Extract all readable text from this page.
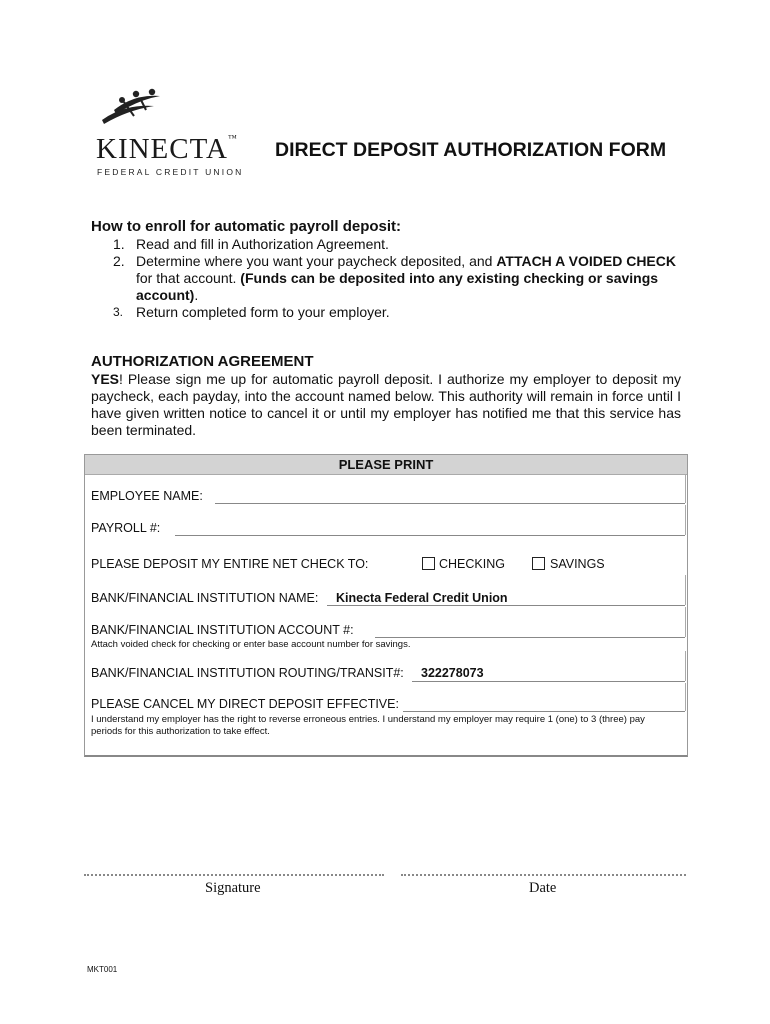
KINECTA™
FEDERAL CREDIT UNION
DIRECT DEPOSIT AUTHORIZATION FORM
How to enroll for automatic payroll deposit:
1. Read and fill in Authorization Agreement.
2. Determine where you want your paycheck deposited, and ATTACH A VOIDED CHECK for that account. (Funds can be deposited into any existing checking or savings account).
3. Return completed form to your employer.
AUTHORIZATION AGREEMENT
YES! Please sign me up for automatic payroll deposit. I authorize my employer to deposit my paycheck, each payday, into the account named below. This authority will remain in force until I have given written notice to cancel it or until my employer has notified me that this service has been terminated.
PLEASE PRINT
EMPLOYEE NAME:
PAYROLL #:
PLEASE DEPOSIT MY ENTIRE NET CHECK TO:	CHECKING	SAVINGS
BANK/FINANCIAL INSTITUTION NAME: Kinecta Federal Credit Union
BANK/FINANCIAL INSTITUTION ACCOUNT #:
Attach voided check for checking or enter base account number for savings.
BANK/FINANCIAL INSTITUTION ROUTING/TRANSIT#: 322278073
PLEASE CANCEL MY DIRECT DEPOSIT EFFECTIVE:
I understand my employer has the right to reverse erroneous entries. I understand my employer may require 1 (one) to 3 (three) pay
periods for this authorization to take effect.
Signature	Date
MKT001
